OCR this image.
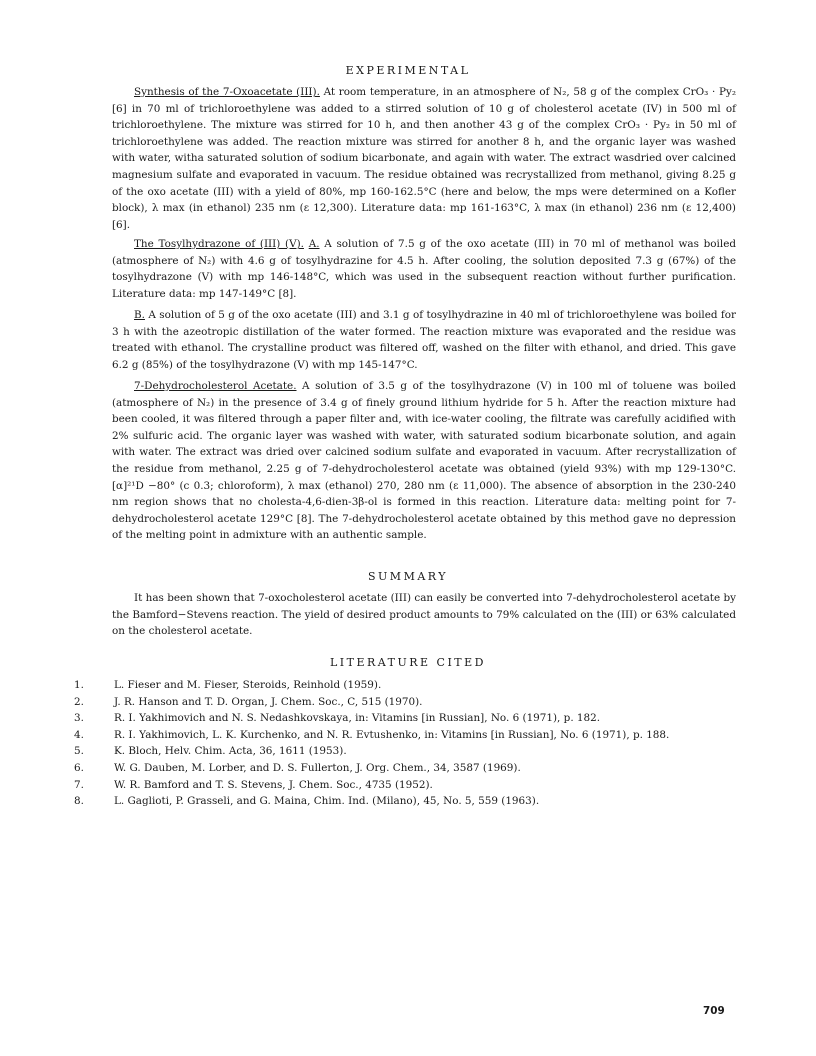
EXPERIMENTAL

Synthesis of the 7-Oxoacetate (III). At room temperature, in an atmosphere of N₂, 58 g of the complex CrO₃ · Py₂ [6] in 70 ml of trichloroethylene was added to a stirred solution of 10 g of cholesterol acetate (IV) in 500 ml of trichloroethylene. The mixture was stirred for 10 h, and then another 43 g of the complex CrO₃ · Py₂ in 50 ml of trichloroethylene was added. The reaction mixture was stirred for another 8 h, and the organic layer was washed with water, witha saturated solution of sodium bicarbonate, and again with water. The extract wasdried over calcined magnesium sulfate and evaporated in vacuum. The residue obtained was recrystallized from methanol, giving 8.25 g of the oxo acetate (III) with a yield of 80%, mp 160-162.5°C (here and below, the mps were determined on a Kofler block), λ max (in ethanol) 235 nm (ε 12,300). Literature data: mp 161-163°C, λ max (in ethanol) 236 nm (ε 12,400) [6].

The Tosylhydrazone of (III) (V). A. A solution of 7.5 g of the oxo acetate (III) in 70 ml of methanol was boiled (atmosphere of N₂) with 4.6 g of tosylhydrazine for 4.5 h. After cooling, the solution deposited 7.3 g (67%) of the tosylhydrazone (V) with mp 146-148°C, which was used in the subsequent reaction without further purification. Literature data: mp 147-149°C [8].

B. A solution of 5 g of the oxo acetate (III) and 3.1 g of tosylhydrazine in 40 ml of trichloroethylene was boiled for 3 h with the azeotropic distillation of the water formed. The reaction mixture was evaporated and the residue was treated with ethanol. The crystalline product was filtered off, washed on the filter with ethanol, and dried. This gave 6.2 g (85%) of the tosylhydrazone (V) with mp 145-147°C.

7-Dehydrocholesterol Acetate. A solution of 3.5 g of the tosylhydrazone (V) in 100 ml of toluene was boiled (atmosphere of N₂) in the presence of 3.4 g of finely ground lithium hydride for 5 h. After the reaction mixture had been cooled, it was filtered through a paper filter and, with ice-water cooling, the filtrate was carefully acidified with 2% sulfuric acid. The organic layer was washed with water, with saturated sodium bicarbonate solution, and again with water. The extract was dried over calcined sodium sulfate and evaporated in vacuum. After recrystallization of the residue from methanol, 2.25 g of 7-dehydrocholesterol acetate was obtained (yield 93%) with mp 129-130°C. [α]²¹D −80° (c 0.3; chloroform), λ max (ethanol) 270, 280 nm (ε 11,000). The absence of absorption in the 230-240 nm region shows that no cholesta-4,6-dien-3β-ol is formed in this reaction. Literature data: melting point for 7-dehydrocholesterol acetate 129°C [8]. The 7-dehydrocholesterol acetate obtained by this method gave no depression of the melting point in admixture with an authentic sample.

SUMMARY

It has been shown that 7-oxocholesterol acetate (III) can easily be converted into 7-dehydrocholesterol acetate by the Bamford−Stevens reaction. The yield of desired product amounts to 79% calculated on the (III) or 63% calculated on the cholesterol acetate.

LITERATURE CITED
1.	L. Fieser and M. Fieser, Steroids, Reinhold (1959).
2.	J. R. Hanson and T. D. Organ, J. Chem. Soc., C, 515 (1970).
3.	R. I. Yakhimovich and N. S. Nedashkovskaya, in: Vitamins [in Russian], No. 6 (1971), p. 182.
4.	R. I. Yakhimovich, L. K. Kurchenko, and N. R. Evtushenko, in: Vitamins [in Russian], No. 6 (1971), p. 188.
5.	K. Bloch, Helv. Chim. Acta, 36, 1611 (1953).
6.	W. G. Dauben, M. Lorber, and D. S. Fullerton, J. Org. Chem., 34, 3587 (1969).
7.	W. R. Bamford and T. S. Stevens, J. Chem. Soc., 4735 (1952).
8.	L. Gaglioti, P. Grasseli, and G. Maina, Chim. Ind. (Milano), 45, No. 5, 559 (1963).
709
